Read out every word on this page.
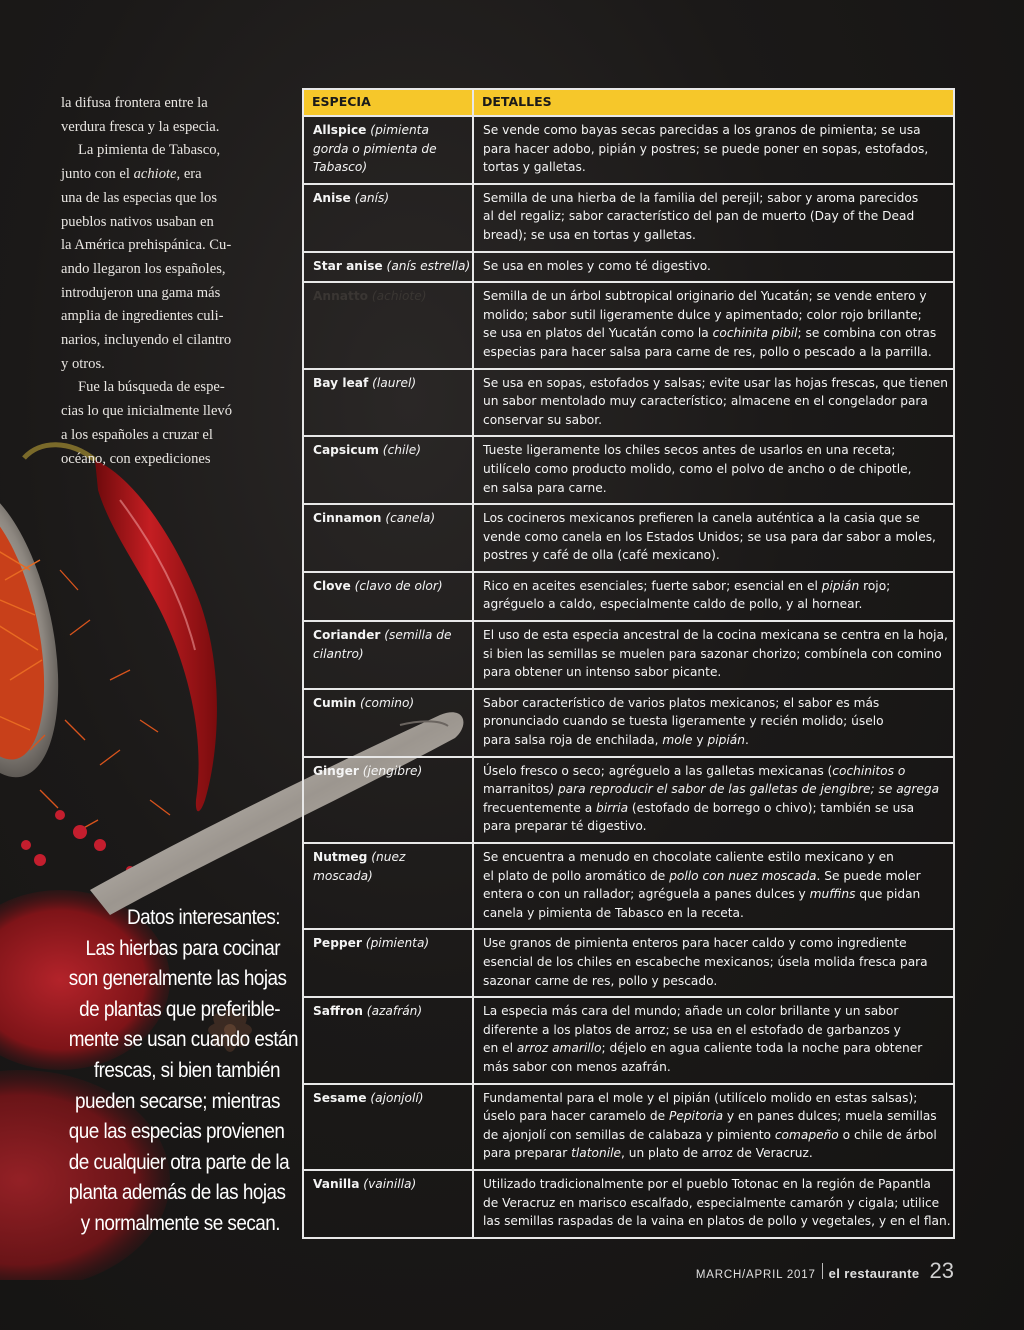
la difusa frontera entre la
verdura fresca y la especia.

La pimienta de Tabasco,
junto con el achiote, era
una de las especias que los
pueblos nativos usaban en
la América prehispánica. Cu-
ando llegaron los españoles,
introdujeron una gama más
amplia de ingredientes culi-
narios, incluyendo el cilantro
y otros.

Fue la búsqueda de espe-
cias lo que inicialmente llevó
a los españoles a cruzar el
océano, con expediciones

Datos interesantes:
Las hierbas para cocinar
son generalmente las hojas
de plantas que preferible-
mente se usan cuando están
frescas, si bien también
pueden secarse; mientras
que las especias provienen
de cualquier otra parte de la
planta además de las hojas
y normalmente se secan.
ESPECIA	DETALLES

Allspice (pimienta
gorda o pimienta de
Tabasco)	Se vende como bayas secas parecidas a los granos de pimienta; se usa
para hacer adobo, pipián y postres; se puede poner en sopas, estofados,
tortas y galletas.

Anise (anís)	Semilla de una hierba de la familia del perejil; sabor y aroma parecidos
al del regaliz; sabor característico del pan de muerto (Day of the Dead
bread); se usa en tortas y galletas.

Star anise (anís estrella)	Se usa en moles y como té digestivo.

Annatto (achiote)	Semilla de un árbol subtropical originario del Yucatán; se vende entero y
molido; sabor sutil ligeramente dulce y apimentado; color rojo brillante;
se usa en platos del Yucatán como la cochinita pibil; se combina con otras
especias para hacer salsa para carne de res, pollo o pescado a la parrilla.

Bay leaf (laurel)	Se usa en sopas, estofados y salsas; evite usar las hojas frescas, que tienen
un sabor mentolado muy característico; almacene en el congelador para
conservar su sabor.

Capsicum (chile)	Tueste ligeramente los chiles secos antes de usarlos en una receta;
utilícelo como producto molido, como el polvo de ancho o de chipotle,
en salsa para carne.

Cinnamon (canela)	Los cocineros mexicanos prefieren la canela auténtica a la casia que se
vende como canela en los Estados Unidos; se usa para dar sabor a moles,
postres y café de olla (café mexicano).

Clove (clavo de olor)	Rico en aceites esenciales; fuerte sabor; esencial en el pipián rojo;
agréguelo a caldo, especialmente caldo de pollo, y al hornear.

Coriander (semilla de
cilantro)	El uso de esta especia ancestral de la cocina mexicana se centra en la hoja,
si bien las semillas se muelen para sazonar chorizo; combínela con comino
para obtener un intenso sabor picante.

Cumin (comino)	Sabor característico de varios platos mexicanos; el sabor es más
pronunciado cuando se tuesta ligeramente y recién molido; úselo
para salsa roja de enchilada, mole y pipián.

Ginger (jengibre)	Úselo fresco o seco; agréguelo a las galletas mexicanas (cochinitos o
marranitos) para reproducir el sabor de las galletas de jengibre; se agrega
frecuentemente a birria (estofado de borrego o chivo); también se usa
para preparar té digestivo.

Nutmeg (nuez
moscada)	Se encuentra a menudo en chocolate caliente estilo mexicano y en
el plato de pollo aromático de pollo con nuez moscada. Se puede moler
entera o con un rallador; agréguela a panes dulces y muffins que pidan
canela y pimienta de Tabasco en la receta.

Pepper (pimienta)	Use granos de pimienta enteros para hacer caldo y como ingrediente
esencial de los chiles en escabeche mexicanos; úsela molida fresca para
sazonar carne de res, pollo y pescado.

Saffron (azafrán)	La especia más cara del mundo; añade un color brillante y un sabor
diferente a los platos de arroz; se usa en el estofado de garbanzos y
en el arroz amarillo; déjelo en agua caliente toda la noche para obtener
más sabor con menos azafrán.

Sesame (ajonjolí)	Fundamental para el mole y el pipián (utilícelo molido en estas salsas);
úselo para hacer caramelo de Pepitoria y en panes dulces; muela semillas
de ajonjolí con semillas de calabaza y pimiento comapeño o chile de árbol
para preparar tlatonile, un plato de arroz de Veracruz.

Vanilla (vainilla)	Utilizado tradicionalmente por el pueblo Totonac en la región de Papantla
de Veracruz en marisco escalfado, especialmente camarón y cigala; utilice
las semillas raspadas de la vaina en platos de pollo y vegetales, y en el flan.
MARCH/APRIL 2017 el restaurante 23
